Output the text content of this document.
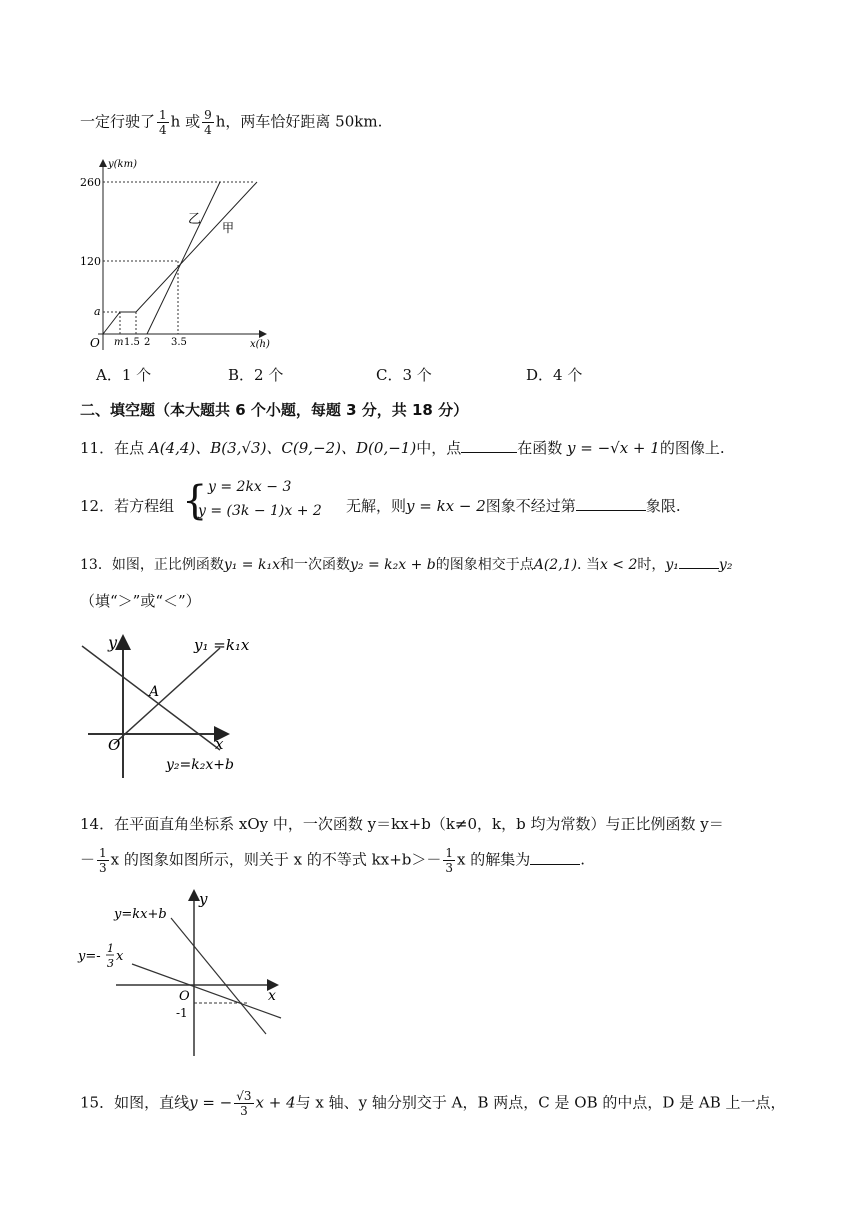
一定行驶了 $\frac{1}{4}$ h 或 $\frac{9}{4}$ h，两车恰好距离 50km.
y(km)
x(h)
O
260
120
a
m 1.5 2 3.5
乙
甲
A．1 个	B．2 个	C．3 个	D．4 个
二、填空题（本大题共 6 个小题，每题 3 分，共 18 分）
11．在点 A(4,4)、B(3,√3)、C(9,−2)、D(0,−1)中，点	在函数 y = −√x + 1的图像上.
12．若方程组 { y = 2kx − 3
y = (3k − 1)x + 2 无解，则y = kx − 2图象不经过第	象限.
13．如图，正比例函数y₁ = k₁x和一次函数y₂ = k₂x + b的图象相交于点A(2,1). 当x < 2时，y₁	y₂
（填“＞”或“＜”）
y
x
O
A
y₁ =k₁x
y₂=k₂x+b
14．在平面直角坐标系 xOy 中，一次函数 y＝kx+b（k≠0，k，b 均为常数）与正比例函数 y＝
－ $\frac{1}{3}$ x 的图象如图所示，则关于 x 的不等式 $kx+b>- \frac{1}{3}$ x 的解集为	.
y
x
O
-1
y=kx+b
y=-
1
3 x
15．如图，直线y = − $\frac{√3}{3}$ x + 4与 x 轴、y 轴分别交于 A，B 两点，C 是 OB 的中点，D 是 AB 上一点，
